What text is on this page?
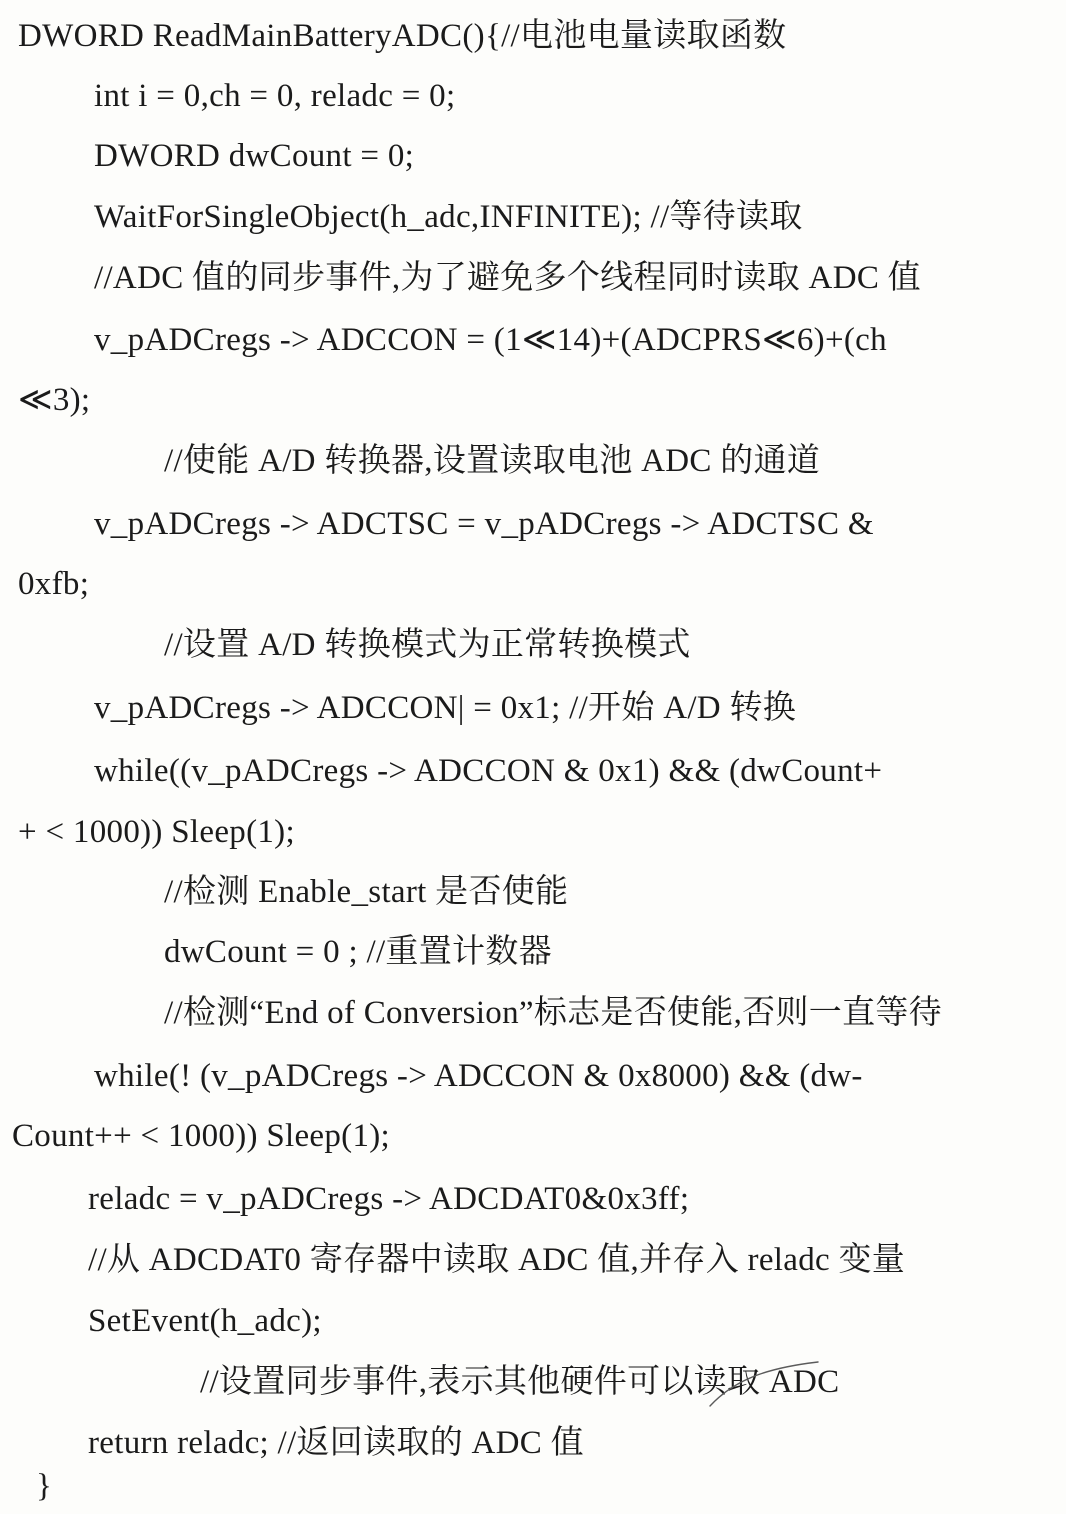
DWORD ReadMainBatteryADC(){//电池电量读取函数
int i = 0,ch = 0, reladc = 0;
DWORD dwCount = 0;
WaitForSingleObject(h_adc,INFINITE); //等待读取
//ADC 值的同步事件,为了避免多个线程同时读取 ADC 值
v_pADCregs -> ADCCON = (1≪14)+(ADCPRS≪6)+(ch
≪3);
//使能 A/D 转换器,设置读取电池 ADC 的通道
v_pADCregs -> ADCTSC = v_pADCregs -> ADCTSC &
0xfb;
//设置 A/D 转换模式为正常转换模式
v_pADCregs -> ADCCON| = 0x1; //开始 A/D 转换
while((v_pADCregs -> ADCCON & 0x1) && (dwCount+
+ < 1000)) Sleep(1);
//检测 Enable_start 是否使能
dwCount = 0 ; //重置计数器
//检测“End of Conversion”标志是否使能,否则一直等待
while(! (v_pADCregs -> ADCCON & 0x8000) && (dw-
Count++ < 1000)) Sleep(1);
reladc = v_pADCregs -> ADCDAT0&0x3ff;
//从 ADCDAT0 寄存器中读取 ADC 值,并存入 reladc 变量
SetEvent(h_adc);
//设置同步事件,表示其他硬件可以读取 ADC
return reladc; //返回读取的 ADC 值
}
